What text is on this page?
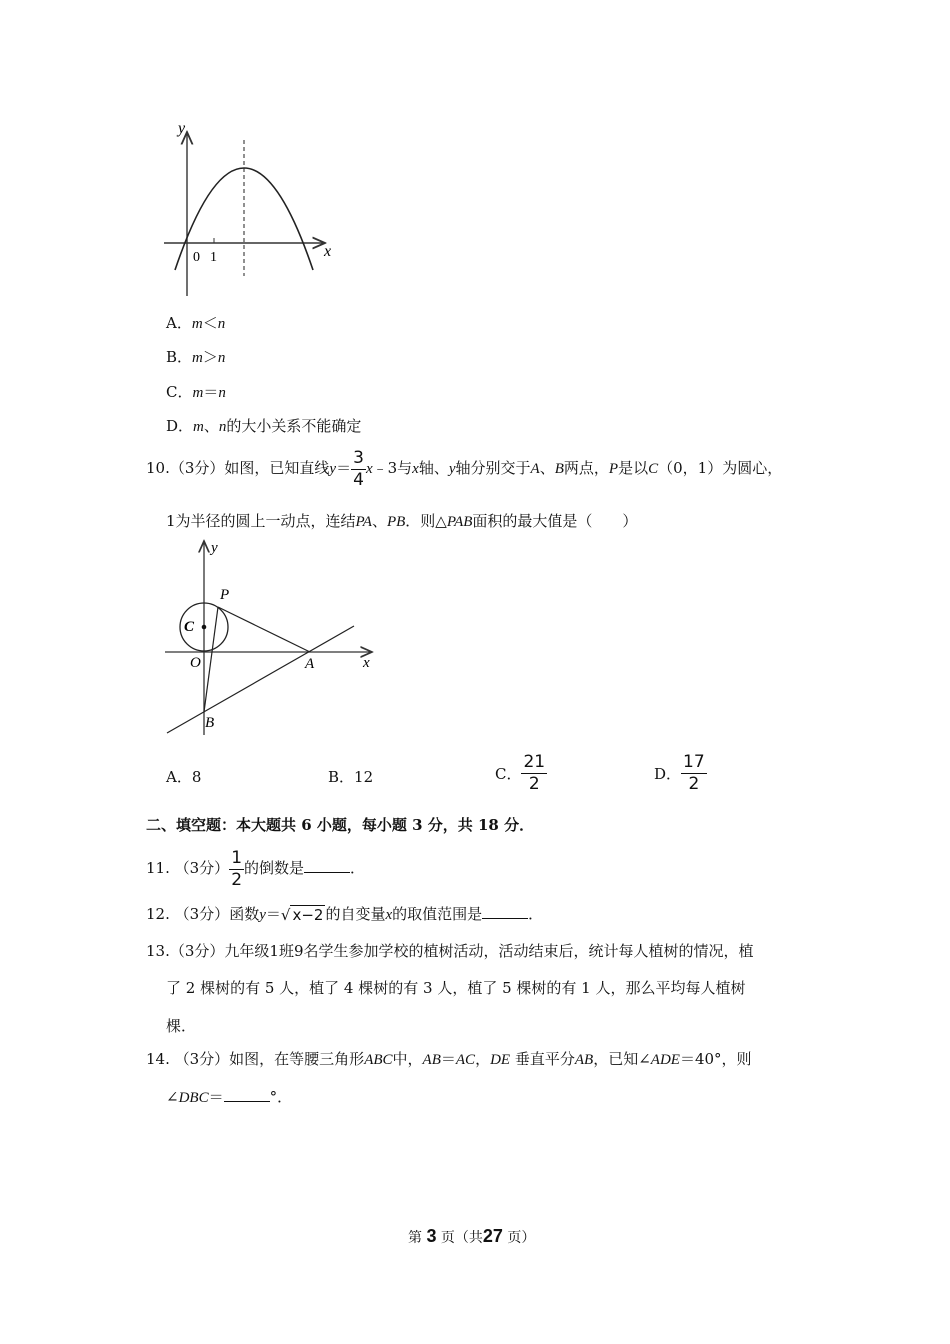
y
x
0 1
A．m＜n
B．m＞n
C．m＝n
D．m、n的大小关系不能确定
10.（3分）如图，已知直线$y= \frac{3}{4}$ x﹣3与x轴、y轴分别交于A、B两点，P是以C（0，1）为圆心，
1为半径的圆上一动点，连结PA、PB．则△PAB面积的最大值是（　　）
y
x
P
C
O	A
B
A．8	B．12	C． $\frac{21}{2}$	D． $\frac{17}{2}$
二、填空题：本大题共 6 小题，每小题 3 分，共 18 分．
11. （3分） $\frac{1}{2}$ 的倒数是	．
12. （3分）函数y＝√ x−2 的自变量x的取值范围是	．
13.（3分）九年级1班9名学生参加学校的植树活动，活动结束后，统计每人植树的情况，植
了 2 棵树的有 5 人，植了 4 棵树的有 3 人，植了 5 棵树的有 1 人，那么平均每人植树
棵．
14. （3分）如图，在等腰三角形ABC中，AB＝AC，DE 垂直平分AB，已知∠ADE＝40°，则
∠DBC＝	°．
第 3 页（共27 页）
